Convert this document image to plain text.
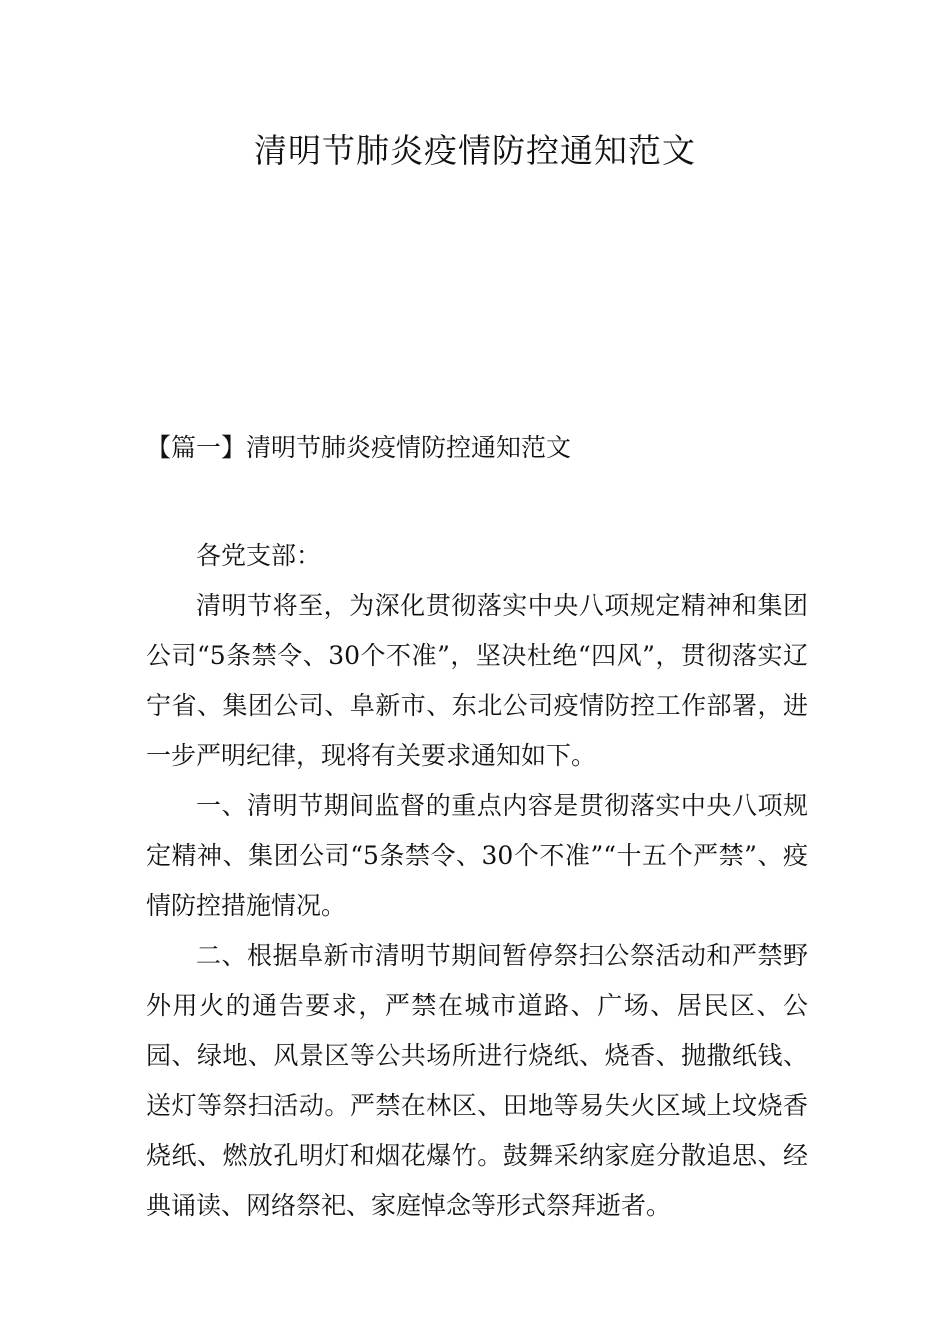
清明节肺炎疫情防控通知范文
【篇一】清明节肺炎疫情防控通知范文

各党支部：

清明节将至，为深化贯彻落实中央八项规定精神和集团公司“5条禁令、30个不准”，坚决杜绝“四风”，贯彻落实辽宁省、集团公司、阜新市、东北公司疫情防控工作部署，进一步严明纪律，现将有关要求通知如下。

一、清明节期间监督的重点内容是贯彻落实中央八项规定精神、集团公司“5条禁令、30个不准”“十五个严禁”、疫情防控措施情况。

二、根据阜新市清明节期间暂停祭扫公祭活动和严禁野外用火的通告要求，严禁在城市道路、广场、居民区、公园、绿地、风景区等公共场所进行烧纸、烧香、抛撒纸钱、送灯等祭扫活动。严禁在林区、田地等易失火区域上坟烧香烧纸、燃放孔明灯和烟花爆竹。鼓舞采纳家庭分散追思、经典诵读、网络祭祀、家庭悼念等形式祭拜逝者。
